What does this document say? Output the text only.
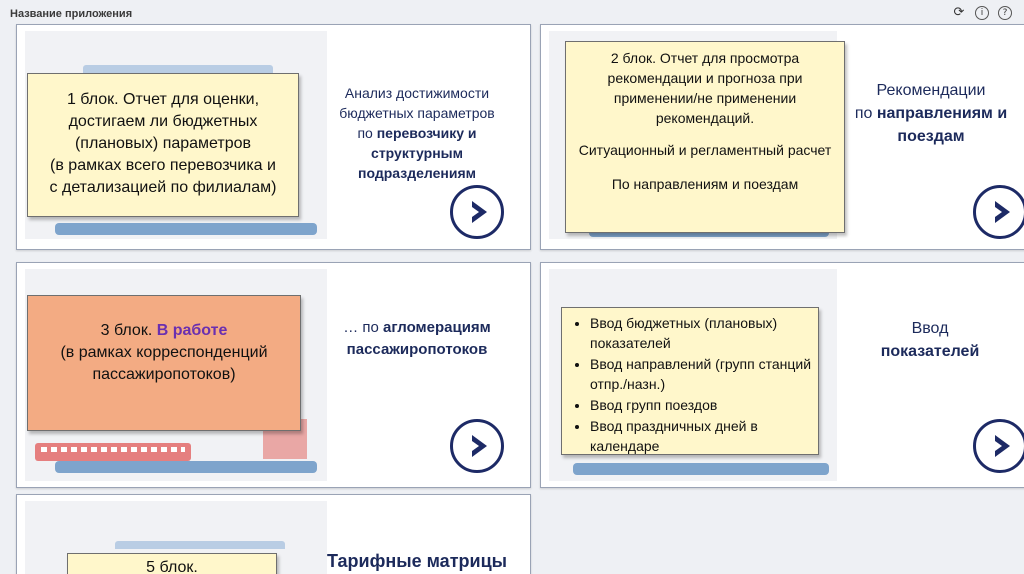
Название приложения	⟳	i	?

1 блок. Отчет для оценки,
достигаем ли бюджетных
(плановых) параметров
(в рамках всего перевозчика и
с детализацией по филиалам)

Анализ достижимости
бюджетных параметров
по перевозчику и
структурным
подразделениям

2 блок. Отчет для просмотра рекомендации и прогноза при применении/не применении рекомендаций.

Ситуационный и регламентный расчет

По направлениям и поездам

Рекомендации
по направлениям и
поездам

3 блок. В работе

(в рамках корреспонденций
пассажиропотоков)

… по агломерациям
пассажиропотоков
• Ввод бюджетных (плановых) показателей
• Ввод направлений (групп станций отпр./назн.)
• Ввод групп поездов
• Ввод праздничных дней в календаре
Ввод
показателей

5 блок.	Тарифные матрицы
